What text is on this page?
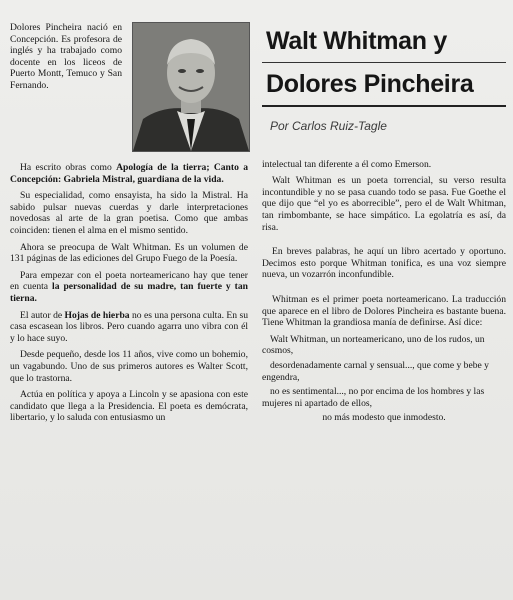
Dolores Pincheira nació en Concepción. Es profesora de inglés y ha trabajado como docente en los liceos de Puerto Montt, Temuco y San Fernando.

Ha escrito obras como Apología de la tierra; Canto a Concepción: Gabriela Mistral, guardiana de la vida.

Su especialidad, como ensayista, ha sido la Mistral. Ha sabido pulsar nuevas cuerdas y darle interpretaciones novedosas al arte de la gran poetisa. Como que ambas coinciden: tienen el alma en el mismo sentido.

Ahora se preocupa de Walt Whitman. Es un volumen de 131 páginas de las ediciones del Grupo Fuego de la Poesía.

Para empezar con el poeta norteamericano hay que tener en cuenta la personalidad de su madre, tan fuerte y tan tierna.

El autor de Hojas de hierba no es una persona culta. En su casa escasean los libros. Pero cuando agarra uno vibra con él y lo hace suyo.

Desde pequeño, desde los 11 años, vive como un bohemio, un vagabundo. Uno de sus primeros autores es Walter Scott, que lo trastorna.

Actúa en política y apoya a Lincoln y se apasiona con este candidato que llega a la Presidencia. El poeta es demócrata, libertario, y lo saluda con entusiasmo un

Walt Whitman y
Dolores Pincheira
Por Carlos Ruiz-Tagle

intelectual tan diferente a él como Emerson.

Walt Whitman es un poeta torrencial, su verso resulta incontundible y no se pasa cuando todo se pasa. Fue Goethe el que dijo que “el yo es aborrecible”, pero el de Walt Whitman, tan rimbombante, se hace simpático. La egolatría es así, da risa.

En breves palabras, he aquí un libro acertado y oportuno. Decimos esto porque Whitman tonifica, es una voz siempre nueva, un vozarrón inconfundible.

Whitman es el primer poeta norteamericano. La traducción que aparece en el libro de Dolores Pincheira es bastante buena. Tiene Whitman la grandiosa manía de definirse. Así dice:

Walt Whitman, un norteamericano, uno de los rudos, un cosmos,

desordenadamente carnal y sensual..., que come y bebe y engendra,

no es sentimental..., no por encima de los hombres y las mujeres ni apartado de ellos,

no más modesto que inmodesto.
